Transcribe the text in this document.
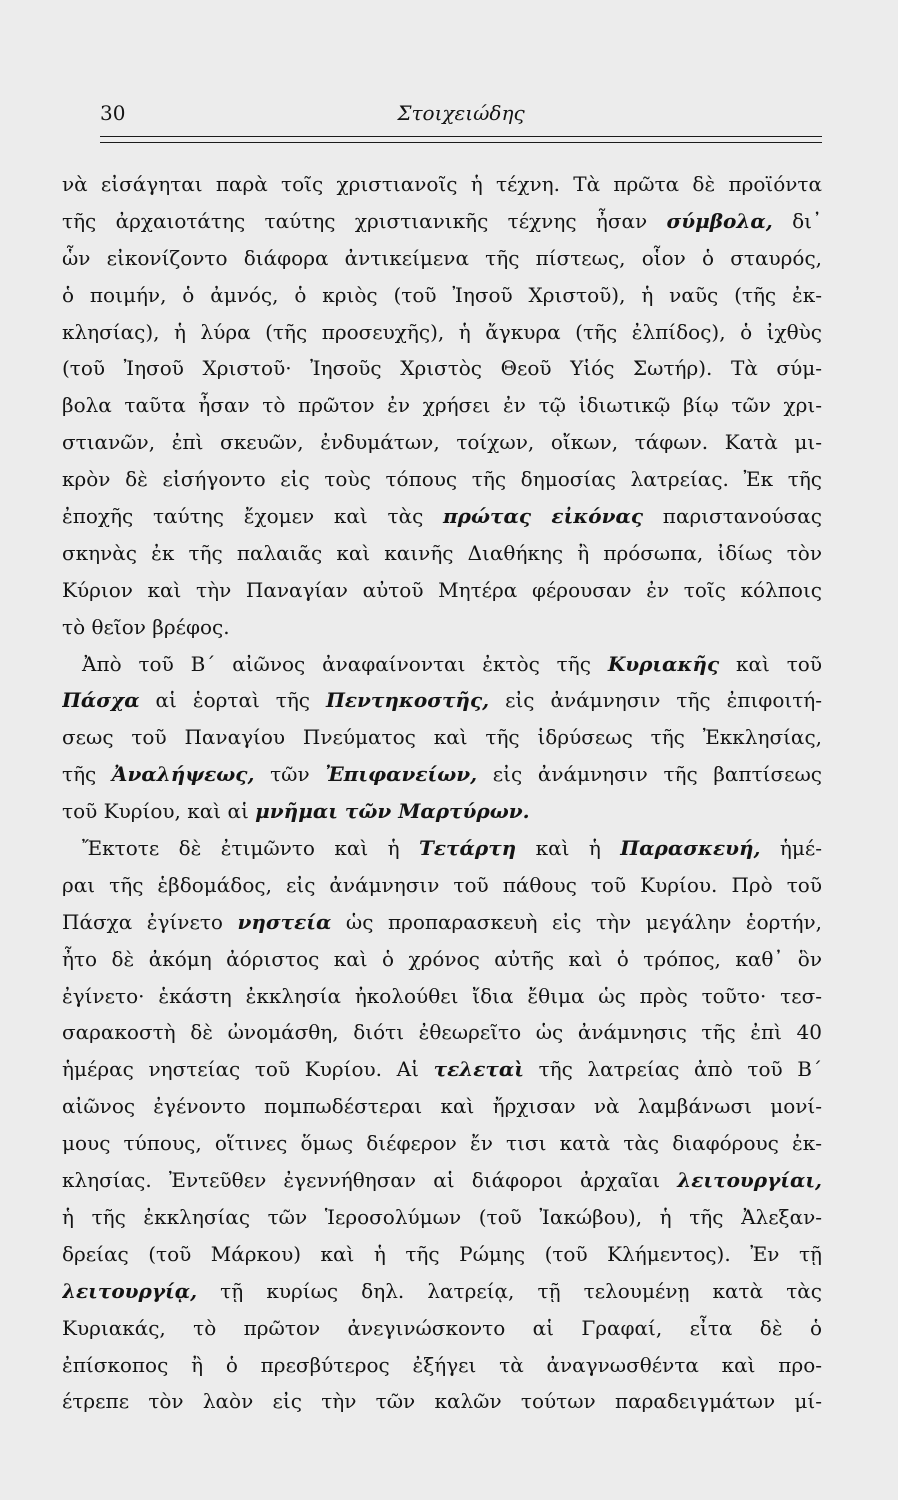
30	Στοιχειώδης
νὰ εἰσάγηται παρὰ τοῖς χριστιανοῖς ἡ τέχνη. Τὰ πρῶτα δὲ προϊόντα
τῆς ἀρχαιοτάτης ταύτης χριστιανικῆς τέχνης ἦσαν σύμβολα, δι᾿
ὧν εἰκονίζοντο διάφορα ἀντικείμενα τῆς πίστεως, οἷον ὁ σταυρός,
ὁ ποιμήν, ὁ ἀμνός, ὁ κριὸς (τοῦ Ἰησοῦ Χριστοῦ), ἡ ναῦς (τῆς ἐκ-
κλησίας), ἡ λύρα (τῆς προσευχῆς), ἡ ἄγκυρα (τῆς ἐλπίδος), ὁ ἰχθὺς
(τοῦ Ἰησοῦ Χριστοῦ· Ἰησοῦς Χριστὸς Θεοῦ Υἱός Σωτήρ). Τὰ σύμ-
βολα ταῦτα ἦσαν τὸ πρῶτον ἐν χρήσει ἐν τῷ ἰδιωτικῷ βίῳ τῶν χρι-
στιανῶν, ἐπὶ σκευῶν, ἐνδυμάτων, τοίχων, οἴκων, τάφων. Κατὰ μι-
κρὸν δὲ εἰσήγοντο εἰς τοὺς τόπους τῆς δημοσίας λατρείας. Ἐκ τῆς
ἐποχῆς ταύτης ἔχομεν καὶ τὰς πρώτας εἰκόνας παριστανούσας
σκηνὰς ἐκ τῆς παλαιᾶς καὶ καινῆς Διαθήκης ἢ πρόσωπα, ἰδίως τὸν
Κύριον καὶ τὴν Παναγίαν αὐτοῦ Μητέρα φέρουσαν ἐν τοῖς κόλποις
τὸ θεῖον βρέφος.
Ἀπὸ τοῦ Β´ αἰῶνος ἀναφαίνονται ἐκτὸς τῆς Κυριακῆς καὶ τοῦ
Πάσχα αἱ ἑορταὶ τῆς Πεντηκοστῆς, εἰς ἀνάμνησιν τῆς ἐπιφοιτή-
σεως τοῦ Παναγίου Πνεύματος καὶ τῆς ἱδρύσεως τῆς Ἐκκλησίας,
τῆς Ἀναλήψεως, τῶν Ἐπιφανείων, εἰς ἀνάμνησιν τῆς βαπτίσεως
τοῦ Κυρίου, καὶ αἱ μνῆμαι τῶν Μαρτύρων.
Ἔκτοτε δὲ ἐτιμῶντο καὶ ἡ Τετάρτη καὶ ἡ Παρασκευή, ἡμέ-
ραι τῆς ἑβδομάδος, εἰς ἀνάμνησιν τοῦ πάθους τοῦ Κυρίου. Πρὸ τοῦ
Πάσχα ἐγίνετο νηστεία ὡς προπαρασκευὴ εἰς τὴν μεγάλην ἑορτήν,
ἦτο δὲ ἀκόμη ἀόριστος καὶ ὁ χρόνος αὐτῆς καὶ ὁ τρόπος, καθ᾿ ὃν
ἐγίνετο· ἑκάστη ἐκκλησία ἠκολούθει ἴδια ἔθιμα ὡς πρὸς τοῦτο· τεσ-
σαρακοστὴ δὲ ὠνομάσθη, διότι ἐθεωρεῖτο ὡς ἀνάμνησις τῆς ἐπὶ 40
ἡμέρας νηστείας τοῦ Κυρίου. Αἱ τελεταὶ τῆς λατρείας ἀπὸ τοῦ Β´
αἰῶνος ἐγένοντο πομπωδέστεραι καὶ ἤρχισαν νὰ λαμβάνωσι μονί-
μους τύπους, οἵτινες ὅμως διέφερον ἔν τισι κατὰ τὰς διαφόρους ἐκ-
κλησίας. Ἐντεῦθεν ἐγεννήθησαν αἱ διάφοροι ἀρχαῖαι λειτουργίαι,
ἡ τῆς ἐκκλησίας τῶν Ἱεροσολύμων (τοῦ Ἰακώβου), ἡ τῆς Ἀλεξαν-
δρείας (τοῦ Μάρκου) καὶ ἡ τῆς Ρώμης (τοῦ Κλήμεντος). Ἐν τῇ
λειτουργίᾳ, τῇ κυρίως δηλ. λατρείᾳ, τῇ τελουμένῃ κατὰ τὰς
Κυριακάς, τὸ πρῶτον ἀνεγινώσκοντο αἱ Γραφαί, εἶτα δὲ ὁ
ἐπίσκοπος ἢ ὁ πρεσβύτερος ἐξήγει τὰ ἀναγνωσθέντα καὶ προ-
έτρεπε τὸν λαὸν εἰς τὴν τῶν καλῶν τούτων παραδειγμάτων μί-
